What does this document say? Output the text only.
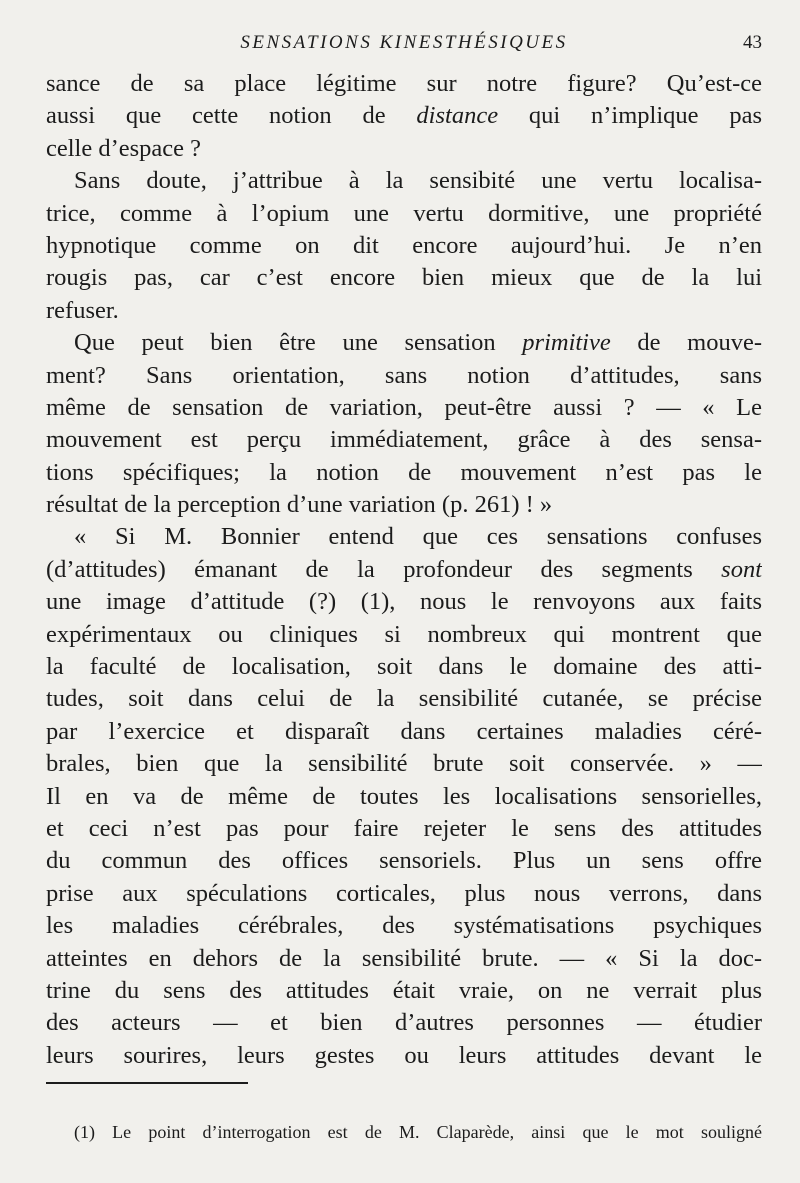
SENSATIONS KINESTHÉSIQUES	43
sance de sa place légitime sur notre figure? Qu’est-ce
aussi que cette notion de distance qui n’implique pas
celle d’espace ?
Sans doute, j’attribue à la sensibité une vertu localisa-
trice, comme à l’opium une vertu dormitive, une propriété
hypnotique comme on dit encore aujourd’hui. Je n’en
rougis pas, car c’est encore bien mieux que de la lui
refuser.
Que peut bien être une sensation primitive de mouve-
ment? Sans orientation, sans notion d’attitudes, sans
même de sensation de variation, peut-être aussi ? — « Le
mouvement est perçu immédiatement, grâce à des sensa-
tions spécifiques; la notion de mouvement n’est pas le
résultat de la perception d’une variation (p. 261) ! »
« Si M. Bonnier entend que ces sensations confuses
(d’attitudes) émanant de la profondeur des segments sont
une image d’attitude (?) (1), nous le renvoyons aux faits
expérimentaux ou cliniques si nombreux qui montrent que
la faculté de localisation, soit dans le domaine des atti-
tudes, soit dans celui de la sensibilité cutanée, se précise
par l’exercice et disparaît dans certaines maladies céré-
brales, bien que la sensibilité brute soit conservée. » —
Il en va de même de toutes les localisations sensorielles,
et ceci n’est pas pour faire rejeter le sens des attitudes
du commun des offices sensoriels. Plus un sens offre
prise aux spéculations corticales, plus nous verrons, dans
les maladies cérébrales, des systématisations psychiques
atteintes en dehors de la sensibilité brute. — « Si la doc-
trine du sens des attitudes était vraie, on ne verrait plus
des acteurs — et bien d’autres personnes — étudier
leurs sourires, leurs gestes ou leurs attitudes devant le
(1) Le point d’interrogation est de M. Claparède, ainsi que le mot souligné
